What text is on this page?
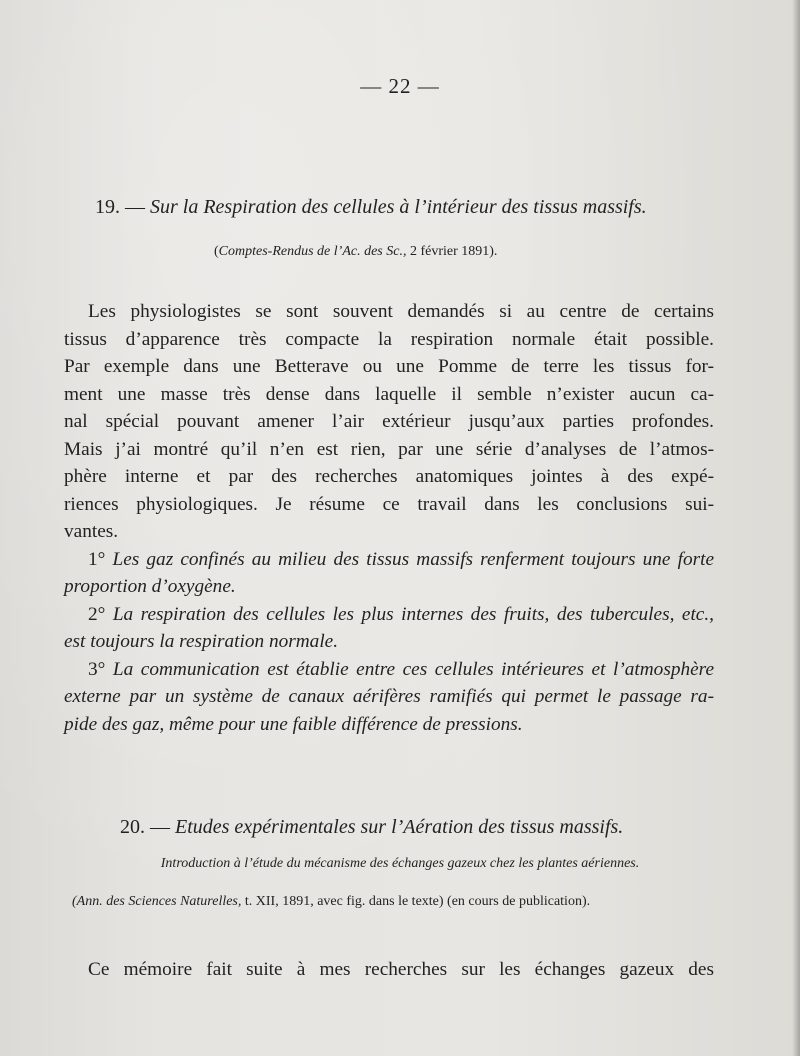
— 22 —
19. — Sur la Respiration des cellules à l’intérieur des tissus massifs.
(Comptes-Rendus de l’Ac. des Sc., 2 février 1891).
Les physiologistes se sont souvent demandés si au centre de certains
tissus d’apparence très compacte la respiration normale était possible.
Par exemple dans une Betterave ou une Pomme de terre les tissus for-
ment une masse très dense dans laquelle il semble n’exister aucun ca-
nal spécial pouvant amener l’air extérieur jusqu’aux parties profondes.
Mais j’ai montré qu’il n’en est rien, par une série d’analyses de l’atmos-
phère interne et par des recherches anatomiques jointes à des expé-
riences physiologiques. Je résume ce travail dans les conclusions sui-
vantes.
1° Les gaz confinés au milieu des tissus massifs renferment toujours une forte
proportion d’oxygène.
2° La respiration des cellules les plus internes des fruits, des tubercules, etc.,
est toujours la respiration normale.
3° La communication est établie entre ces cellules intérieures et l’atmosphère
externe par un système de canaux aérifères ramifiés qui permet le passage ra-
pide des gaz, même pour une faible différence de pressions.
20. — Etudes expérimentales sur l’Aération des tissus massifs.
Introduction à l’étude du mécanisme des échanges gazeux chez les plantes aériennes.
(Ann. des Sciences Naturelles, t. XII, 1891, avec fig. dans le texte) (en cours de publication).
Ce mémoire fait suite à mes recherches sur les échanges gazeux des
